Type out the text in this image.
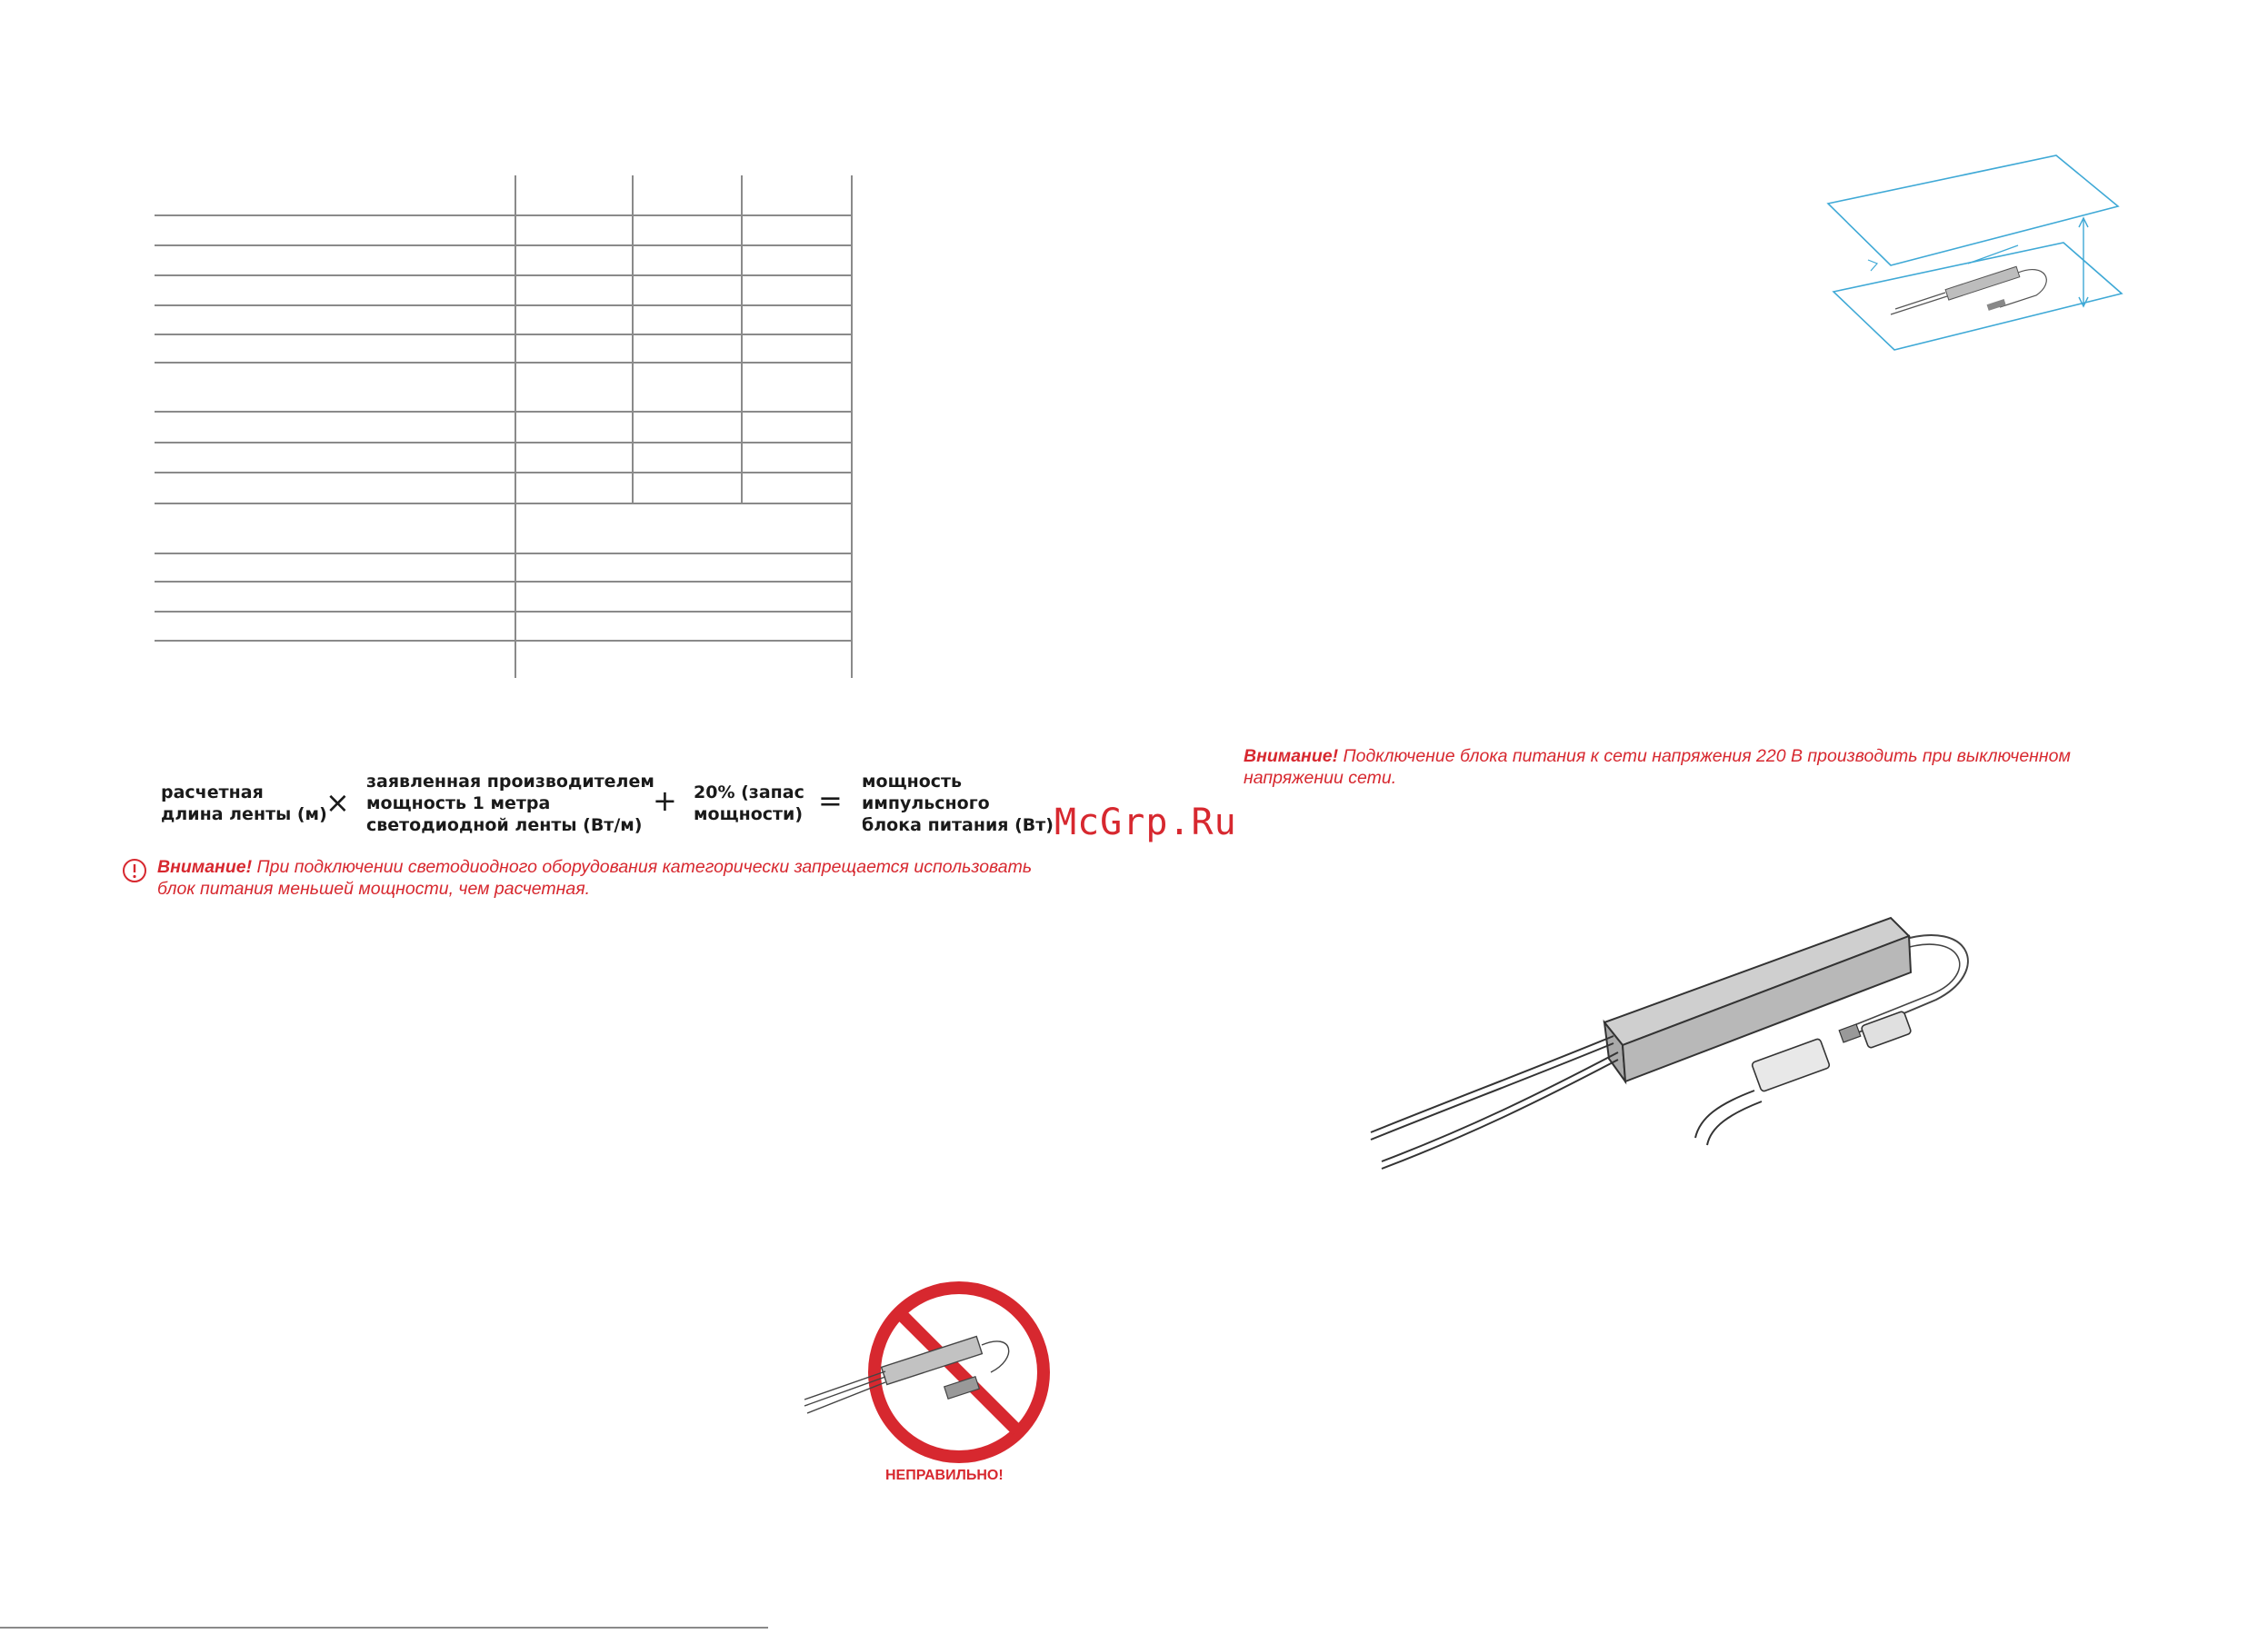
расчетная
длина ленты (м)
×
заявленная производителем
мощность 1 метра
светодиодной ленты (Вт/м)
+ 20% (запас
мощности) =
мощность
импульсного
блока питания (Вт) McGrp.Ru
Внимание! При подключении светодиодного оборудования категорически запрещается использовать блок питания меньшей мощности, чем расчетная.
Внимание! Подключение блока питания к сети напряжения 220 В производить при выключенном напряжении сети.
НЕПРАВИЛЬНО!
